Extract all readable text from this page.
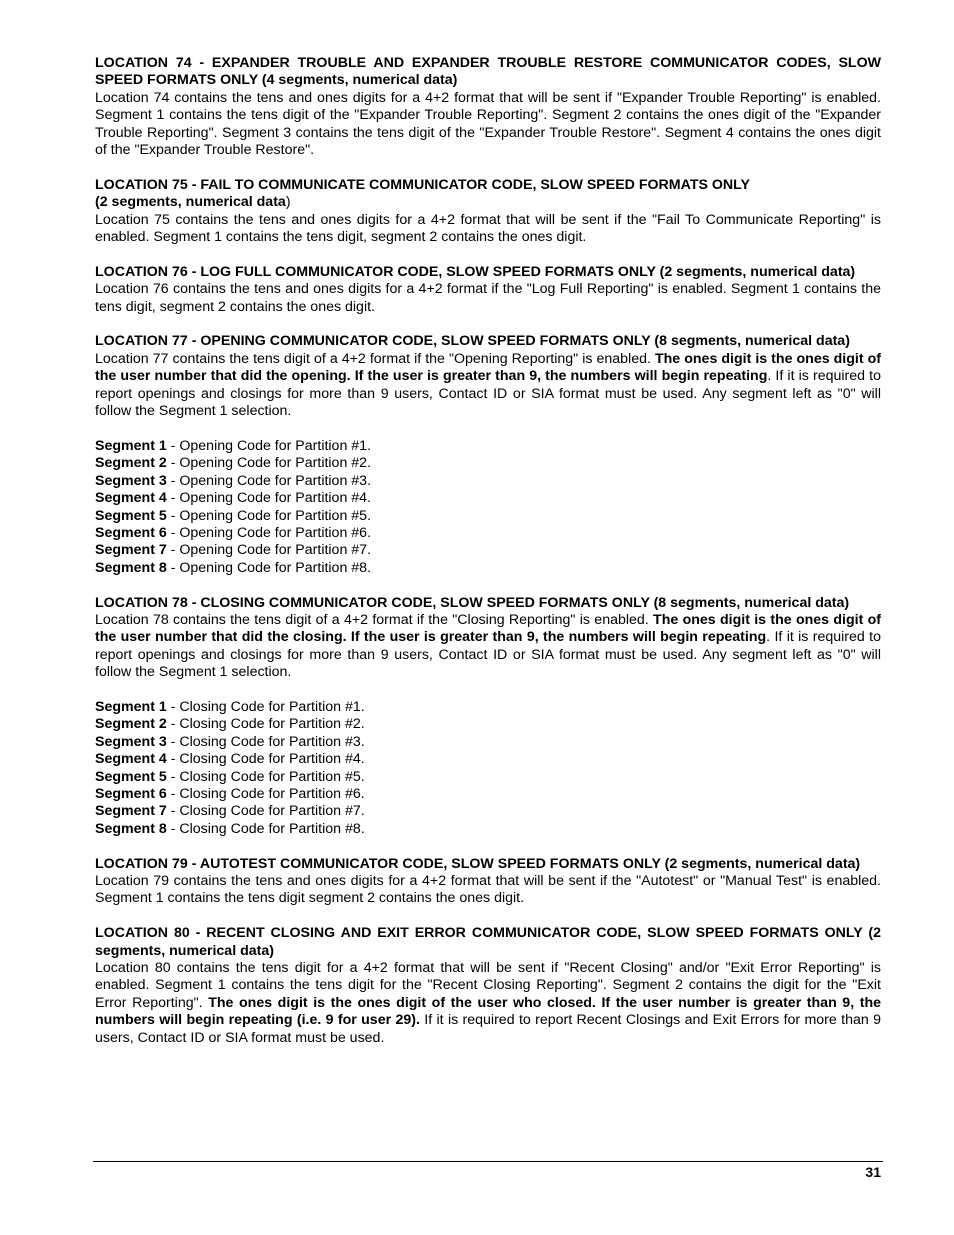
LOCATION 74 - EXPANDER TROUBLE AND EXPANDER TROUBLE RESTORE COMMUNICATOR CODES, SLOW SPEED FORMATS ONLY (4 segments, numerical data)

Location 74 contains the tens and ones digits for a 4+2 format that will be sent if "Expander Trouble Reporting" is enabled. Segment 1 contains the tens digit of the "Expander Trouble Reporting". Segment 2 contains the ones digit of the "Expander Trouble Reporting". Segment 3 contains the tens digit of the "Expander Trouble Restore". Segment 4 contains the ones digit of the "Expander Trouble Restore".

LOCATION 75 - FAIL TO COMMUNICATE COMMUNICATOR CODE, SLOW SPEED FORMATS ONLY
(2 segments, numerical data)

Location 75 contains the tens and ones digits for a 4+2 format that will be sent if the "Fail To Communicate Reporting" is enabled. Segment 1 contains the tens digit, segment 2 contains the ones digit.

LOCATION 76 - LOG FULL COMMUNICATOR CODE, SLOW SPEED FORMATS ONLY (2 segments, numerical data)

Location 76 contains the tens and ones digits for a 4+2 format if the "Log Full Reporting" is enabled. Segment 1 contains the tens digit, segment 2 contains the ones digit.

LOCATION 77 - OPENING COMMUNICATOR CODE, SLOW SPEED FORMATS ONLY (8 segments, numerical data)

Location 77 contains the tens digit of a 4+2 format if the "Opening Reporting" is enabled. The ones digit is the ones digit of the user number that did the opening. If the user is greater than 9, the numbers will begin repeating. If it is required to report openings and closings for more than 9 users, Contact ID or SIA format must be used. Any segment left as "0" will follow the Segment 1 selection.

Segment 1 - Opening Code for Partition #1.

Segment 2 - Opening Code for Partition #2.

Segment 3 - Opening Code for Partition #3.

Segment 4 - Opening Code for Partition #4.

Segment 5 - Opening Code for Partition #5.

Segment 6 - Opening Code for Partition #6.

Segment 7 - Opening Code for Partition #7.

Segment 8 - Opening Code for Partition #8.

LOCATION 78 - CLOSING COMMUNICATOR CODE, SLOW SPEED FORMATS ONLY (8 segments, numerical data)

Location 78 contains the tens digit of a 4+2 format if the "Closing Reporting" is enabled. The ones digit is the ones digit of the user number that did the closing. If the user is greater than 9, the numbers will begin repeating. If it is required to report openings and closings for more than 9 users, Contact ID or SIA format must be used. Any segment left as "0" will follow the Segment 1 selection.

Segment 1 - Closing Code for Partition #1.

Segment 2 - Closing Code for Partition #2.

Segment 3 - Closing Code for Partition #3.

Segment 4 - Closing Code for Partition #4.

Segment 5 - Closing Code for Partition #5.

Segment 6 - Closing Code for Partition #6.

Segment 7 - Closing Code for Partition #7.

Segment 8 - Closing Code for Partition #8.

LOCATION 79 - AUTOTEST COMMUNICATOR CODE, SLOW SPEED FORMATS ONLY (2 segments, numerical data)

Location 79 contains the tens and ones digits for a 4+2 format that will be sent if the "Autotest" or "Manual Test" is enabled. Segment 1 contains the tens digit segment 2 contains the ones digit.

LOCATION 80 - RECENT CLOSING AND EXIT ERROR COMMUNICATOR CODE, SLOW SPEED FORMATS ONLY (2 segments, numerical data)

Location 80 contains the tens digit for a 4+2 format that will be sent if "Recent Closing" and/or "Exit Error Reporting" is enabled. Segment 1 contains the tens digit for the "Recent Closing Reporting". Segment 2 contains the digit for the "Exit Error Reporting". The ones digit is the ones digit of the user who closed. If the user number is greater than 9, the numbers will begin repeating (i.e. 9 for user 29). If it is required to report Recent Closings and Exit Errors for more than 9 users, Contact ID or SIA format must be used.

31
